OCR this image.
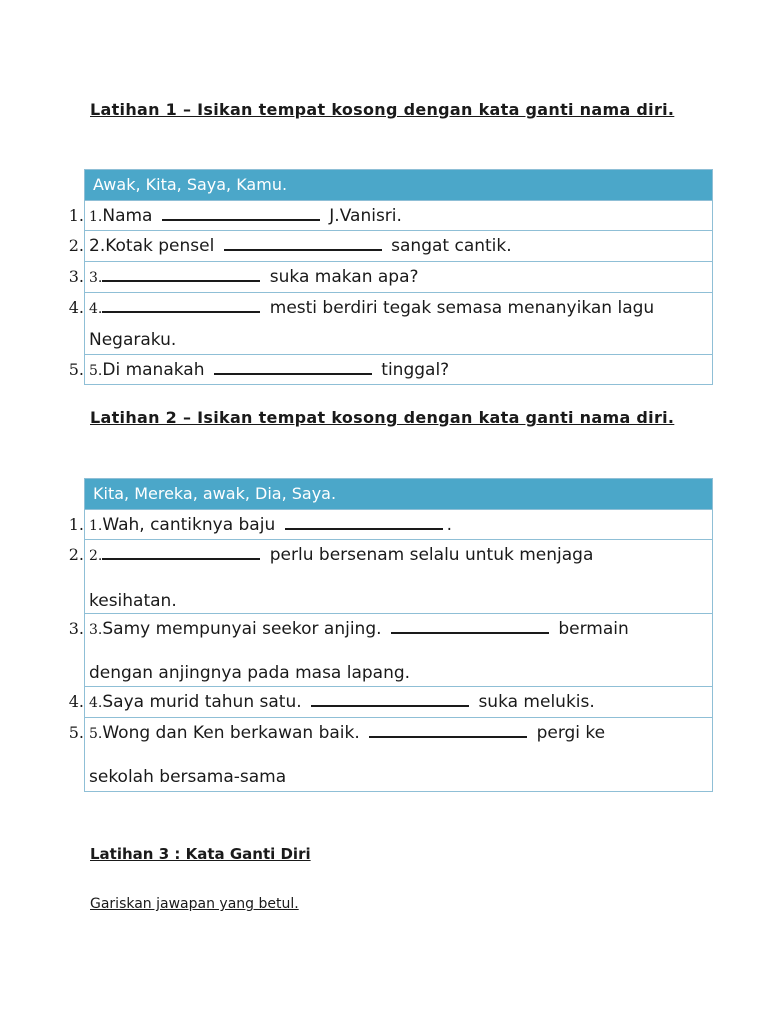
Latihan 1 – Isikan tempat kosong dengan kata ganti nama diri.
Awak, Kita, Saya, Kamu.
1. 1.Nama	J.Vanisri.
2. 2.Kotak pensel	sangat cantik.
3. 3.	suka makan apa?
4. 4.	mesti berdiri tegak semasa menanyikan lagu
Negaraku.
5. 5.Di manakah	tinggal?
Latihan 2 – Isikan tempat kosong dengan kata ganti nama diri.
Kita, Mereka, awak, Dia, Saya.
1. 1.Wah, cantiknya baju	.
2. 2.	perlu bersenam selalu untuk menjaga
kesihatan.
3. 3.Samy mempunyai seekor anjing.	bermain
dengan anjingnya pada masa lapang.
4. 4.Saya murid tahun satu.	suka melukis.
5. 5.Wong dan Ken berkawan baik.	pergi ke
sekolah bersama-sama
Latihan 3 : Kata Ganti Diri
Gariskan jawapan yang betul.
